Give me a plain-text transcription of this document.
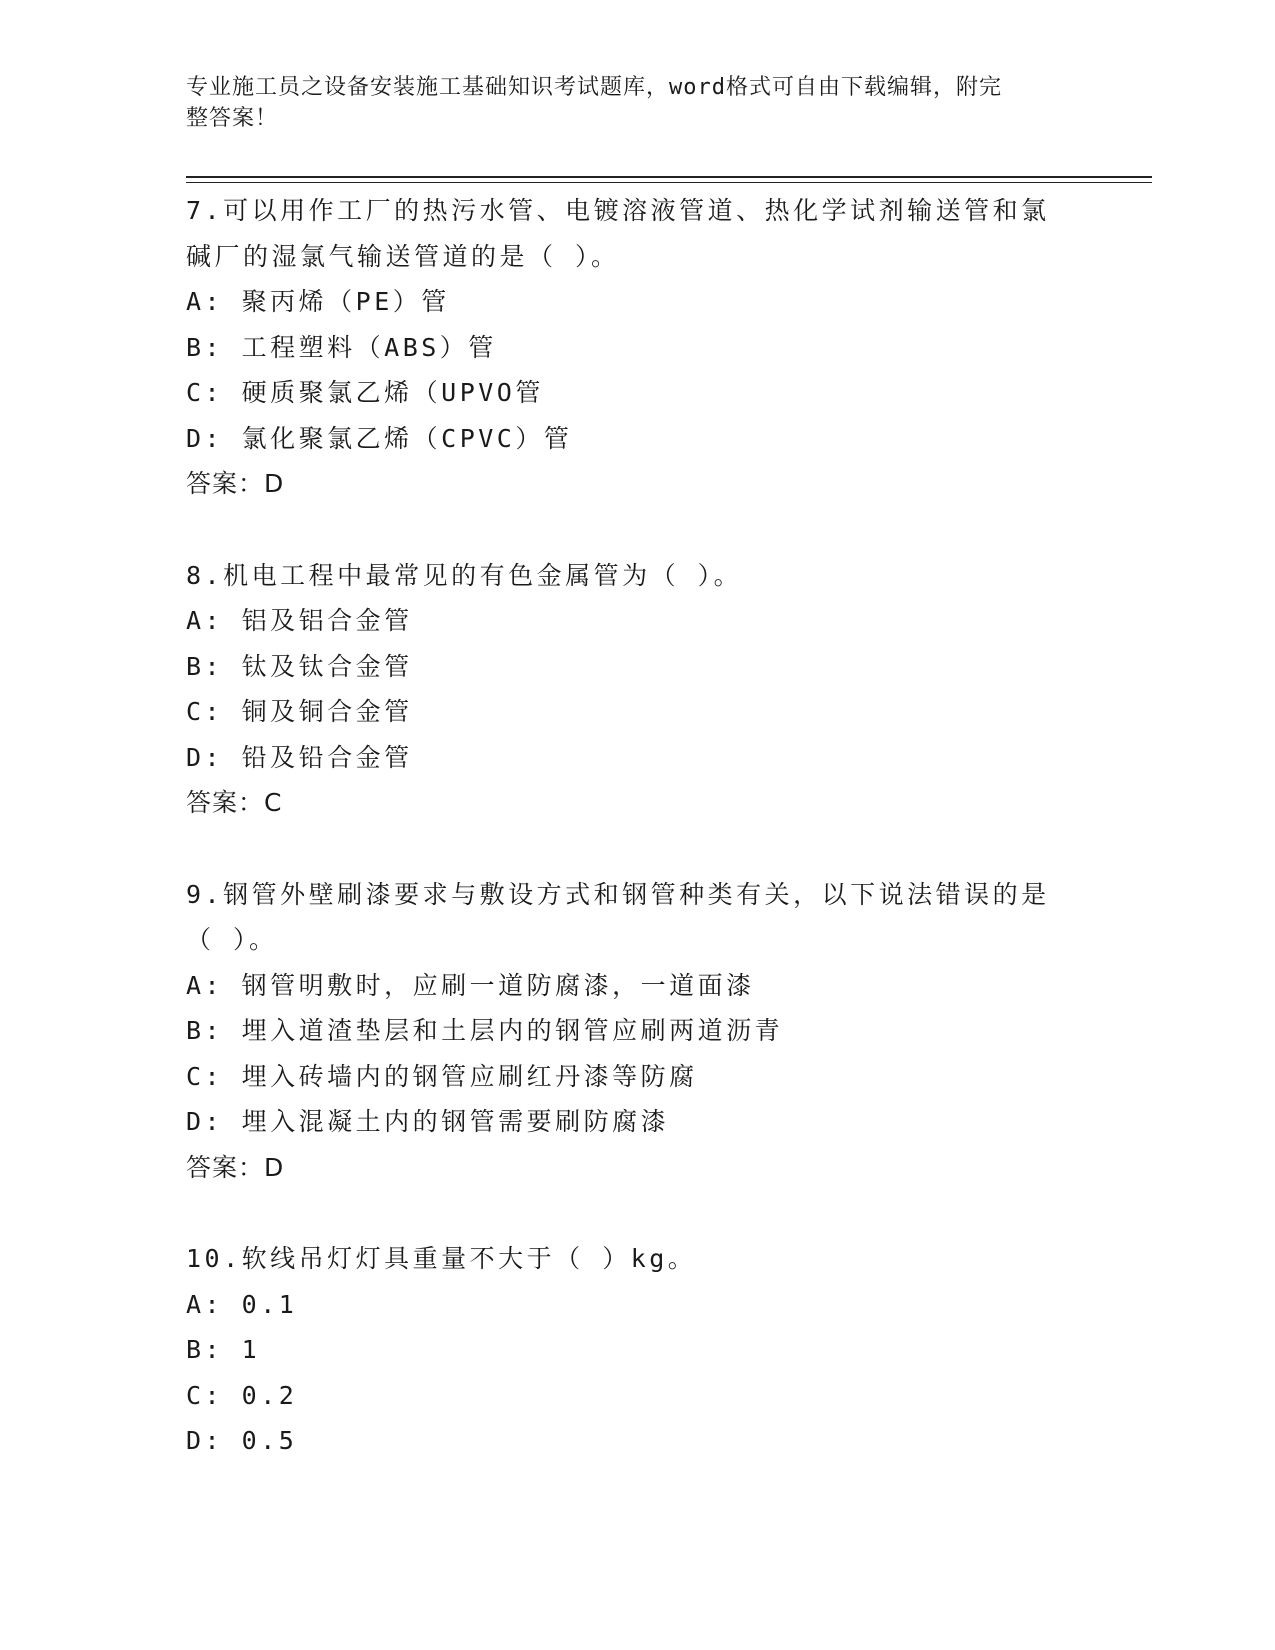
专业施工员之设备安装施工基础知识考试题库，word格式可自由下载编辑，附完
整答案！
7.可以用作工厂的热污水管、电镀溶液管道、热化学试剂输送管和氯
碱厂的湿氯气输送管道的是（ ）。
A: 聚丙烯（PE）管
B: 工程塑料（ABS）管
C: 硬质聚氯乙烯（UPVO管
D: 氯化聚氯乙烯（CPVC）管
答案：D
8.机电工程中最常见的有色金属管为（ ）。
A: 铝及铝合金管
B: 钛及钛合金管
C: 铜及铜合金管
D: 铅及铅合金管
答案：C
9.钢管外壁刷漆要求与敷设方式和钢管种类有关，以下说法错误的是
（ ）。
A: 钢管明敷时，应刷一道防腐漆，一道面漆
B: 埋入道渣垫层和土层内的钢管应刷两道沥青
C: 埋入砖墙内的钢管应刷红丹漆等防腐
D: 埋入混凝土内的钢管需要刷防腐漆
答案：D
10.软线吊灯灯具重量不大于（ ）kg。
A: 0.1
B: 1
C: 0.2
D: 0.5
